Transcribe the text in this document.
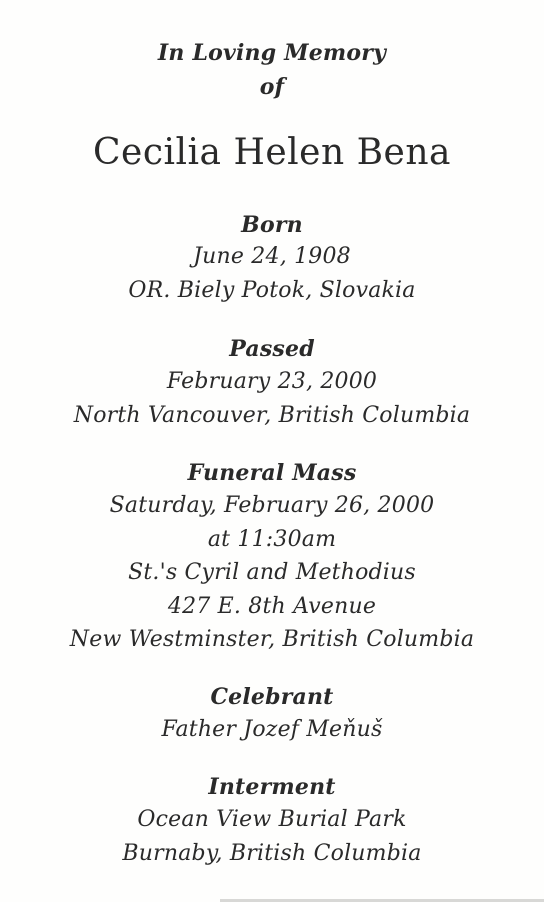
In Loving Memory
of
Cecilia Helen Bena
Born
June 24, 1908
OR. Biely Potok, Slovakia
Passed
February 23, 2000
North Vancouver, British Columbia
Funeral Mass
Saturday, February 26, 2000
at 11:30am
St.'s Cyril and Methodius
427 E. 8th Avenue
New Westminster, British Columbia
Celebrant
Father Jozef Meňuš
Interment
Ocean View Burial Park
Burnaby, British Columbia
